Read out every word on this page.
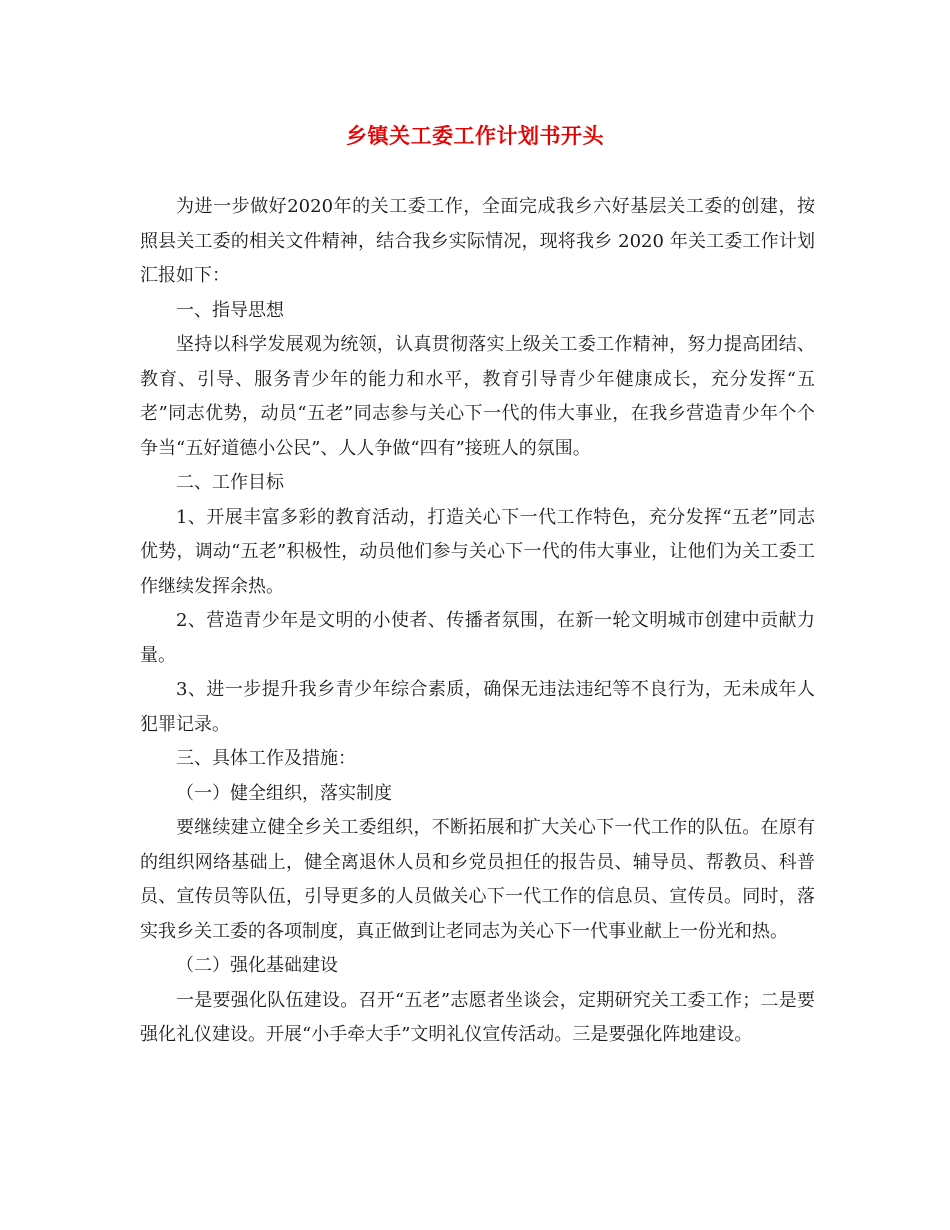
乡镇关工委工作计划书开头

为进一步做好2020年的关工委工作，全面完成我乡六好基层关工委的创建，按照县关工委的相关文件精神，结合我乡实际情况，现将我乡 2020 年关工委工作计划汇报如下：

一、指导思想

坚持以科学发展观为统领，认真贯彻落实上级关工委工作精神，努力提高团结、教育、引导、服务青少年的能力和水平，教育引导青少年健康成长，充分发挥“五老”同志优势，动员“五老”同志参与关心下一代的伟大事业，在我乡营造青少年个个争当“五好道德小公民”、人人争做“四有”接班人的氛围。

二、工作目标

1、开展丰富多彩的教育活动，打造关心下一代工作特色，充分发挥“五老”同志优势，调动“五老”积极性，动员他们参与关心下一代的伟大事业，让他们为关工委工作继续发挥余热。

2、营造青少年是文明的小使者、传播者氛围，在新一轮文明城市创建中贡献力量。

3、进一步提升我乡青少年综合素质，确保无违法违纪等不良行为，无未成年人犯罪记录。

三、具体工作及措施：

（一）健全组织，落实制度

要继续建立健全乡关工委组织，不断拓展和扩大关心下一代工作的队伍。在原有的组织网络基础上，健全离退休人员和乡党员担任的报告员、辅导员、帮教员、科普员、宣传员等队伍，引导更多的人员做关心下一代工作的信息员、宣传员。同时，落实我乡关工委的各项制度，真正做到让老同志为关心下一代事业献上一份光和热。

（二）强化基础建设

一是要强化队伍建设。召开“五老”志愿者坐谈会，定期研究关工委工作；二是要强化礼仪建设。开展“小手牵大手”文明礼仪宣传活动。三是要强化阵地建设。
